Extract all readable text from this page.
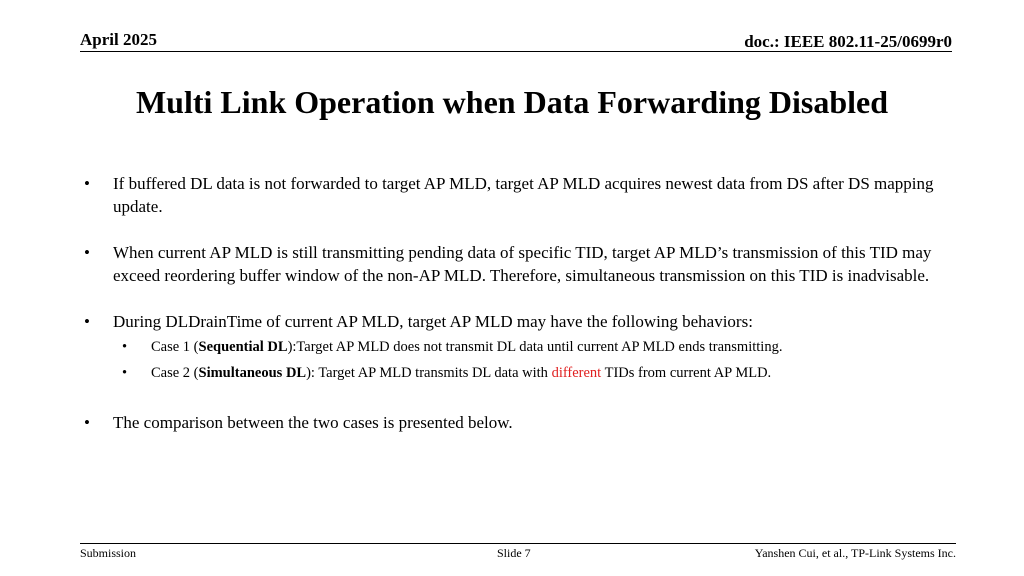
April 2025	doc.: IEEE 802.11-25/0699r0
Multi Link Operation when Data Forwarding Disabled
• If buffered DL data is not forwarded to target AP MLD, target AP MLD acquires newest data from DS after DS mapping update.
• When current AP MLD is still transmitting pending data of specific TID, target AP MLD’s transmission of this TID may exceed reordering buffer window of the non-AP MLD. Therefore, simultaneous transmission on this TID is inadvisable.
• During DLDrainTime of current AP MLD, target AP MLD may have the following behaviors:
• Case 1 (Sequential DL):Target AP MLD does not transmit DL data until current AP MLD ends transmitting.
• Case 2 (Simultaneous DL): Target AP MLD transmits DL data with different TIDs from current AP MLD.
• The comparison between the two cases is presented below.
Submission	Slide 7	Yanshen Cui, et al., TP-Link Systems Inc.
